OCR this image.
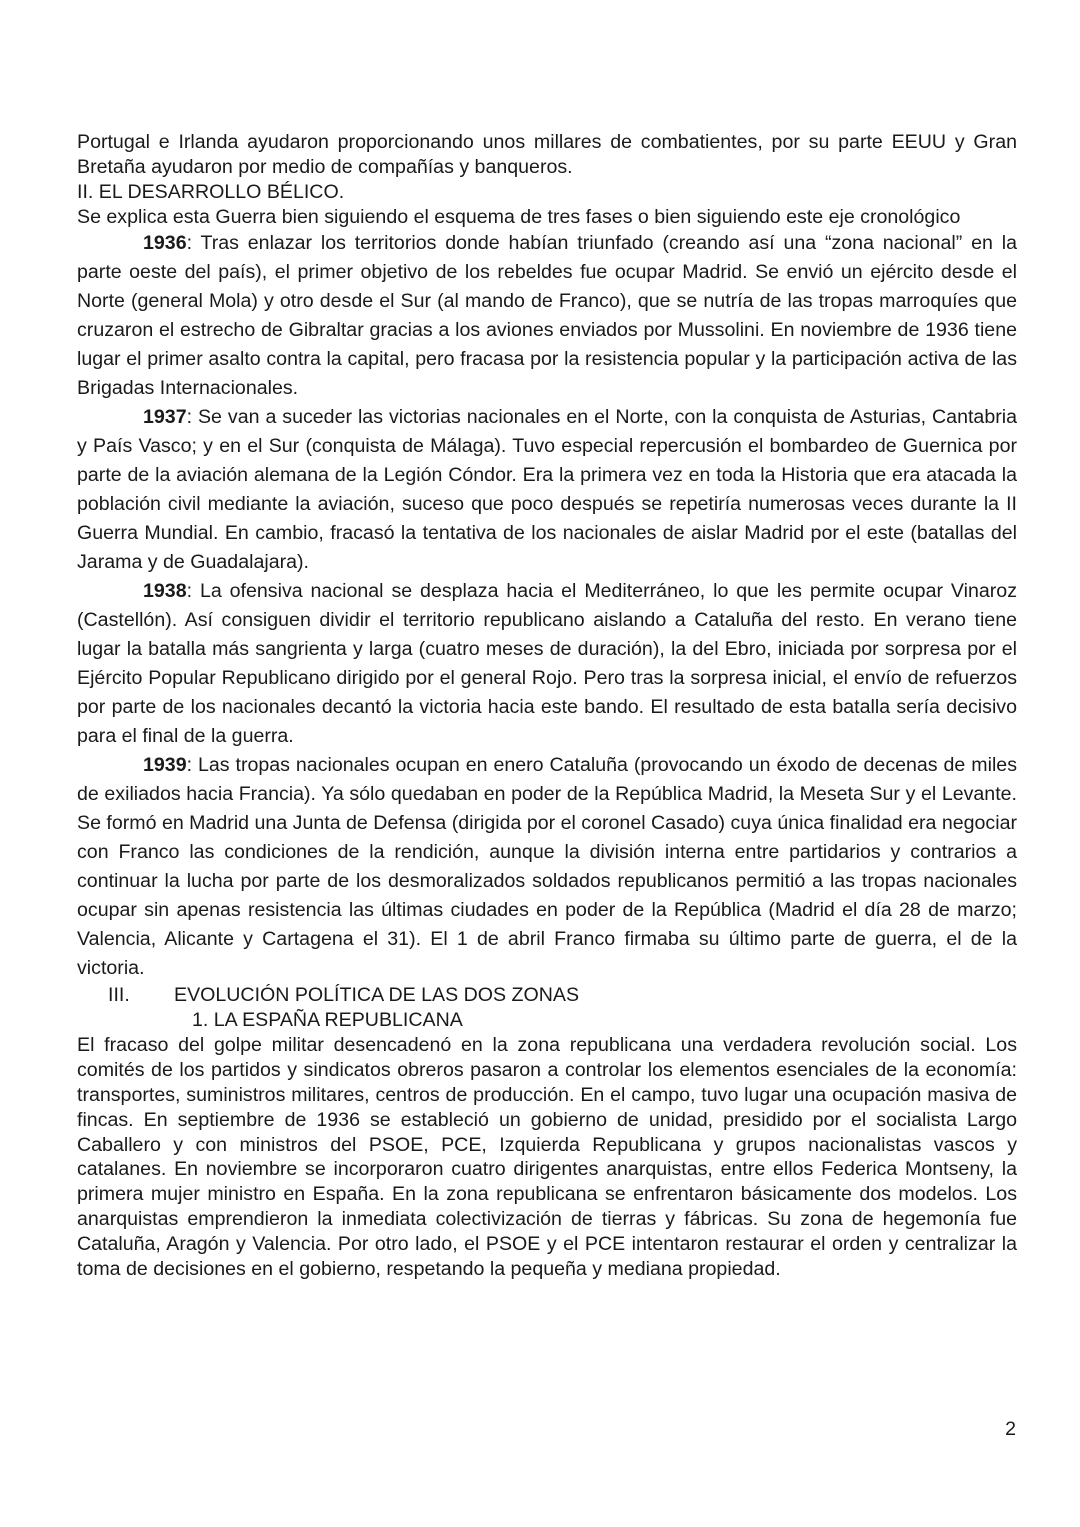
Portugal e Irlanda ayudaron proporcionando unos millares de combatientes, por su parte EEUU y Gran Bretaña ayudaron por medio de compañías y banqueros.

II. EL DESARROLLO BÉLICO.

Se explica esta Guerra bien siguiendo el esquema de tres fases o bien siguiendo este eje cronológico

1936: Tras enlazar los territorios donde habían triunfado (creando así una “zona nacional” en la parte oeste del país), el primer objetivo de los rebeldes fue ocupar Madrid. Se envió un ejército desde el Norte (general Mola) y otro desde el Sur (al mando de Franco), que se nutría de las tropas marroquíes que cruzaron el estrecho de Gibraltar gracias a los aviones enviados por Mussolini. En noviembre de 1936 tiene lugar el primer asalto contra la capital, pero fracasa por la resistencia popular y la participación activa de las Brigadas Internacionales.

1937: Se van a suceder las victorias nacionales en el Norte, con la conquista de Asturias, Cantabria y País Vasco; y en el Sur (conquista de Málaga). Tuvo especial repercusión el bombardeo de Guernica por parte de la aviación alemana de la Legión Cóndor. Era la primera vez en toda la Historia que era atacada la población civil mediante la aviación, suceso que poco después se repetiría numerosas veces durante la II Guerra Mundial. En cambio, fracasó la tentativa de los nacionales de aislar Madrid por el este (batallas del Jarama y de Guadalajara).

1938: La ofensiva nacional se desplaza hacia el Mediterráneo, lo que les permite ocupar Vinaroz (Castellón). Así consiguen dividir el territorio republicano aislando a Cataluña del resto. En verano tiene lugar la batalla más sangrienta y larga (cuatro meses de duración), la del Ebro, iniciada por sorpresa por el Ejército Popular Republicano dirigido por el general Rojo. Pero tras la sorpresa inicial, el envío de refuerzos por parte de los nacionales decantó la victoria hacia este bando. El resultado de esta batalla sería decisivo para el final de la guerra.

1939: Las tropas nacionales ocupan en enero Cataluña (provocando un éxodo de decenas de miles de exiliados hacia Francia). Ya sólo quedaban en poder de la República Madrid, la Meseta Sur y el Levante. Se formó en Madrid una Junta de Defensa (dirigida por el coronel Casado) cuya única finalidad era negociar con Franco las condiciones de la rendición, aunque la división interna entre partidarios y contrarios a continuar la lucha por parte de los desmoralizados soldados republicanos permitió a las tropas nacionales ocupar sin apenas resistencia las últimas ciudades en poder de la República (Madrid el día 28 de marzo; Valencia, Alicante y Cartagena el 31). El 1 de abril Franco firmaba su último parte de guerra, el de la victoria.

III. EVOLUCIÓN POLÍTICA DE LAS DOS ZONAS

1. LA ESPAÑA REPUBLICANA

El fracaso del golpe militar desencadenó en la zona republicana una verdadera revolución social. Los comités de los partidos y sindicatos obreros pasaron a controlar los elementos esenciales de la economía: transportes, suministros militares, centros de producción. En el campo, tuvo lugar una ocupación masiva de fincas. En septiembre de 1936 se estableció un gobierno de unidad, presidido por el socialista Largo Caballero y con ministros del PSOE, PCE, Izquierda Republicana y grupos nacionalistas vascos y catalanes. En noviembre se incorporaron cuatro dirigentes anarquistas, entre ellos Federica Montseny, la primera mujer ministro en España. En la zona republicana se enfrentaron básicamente dos modelos. Los anarquistas emprendieron la inmediata colectivización de tierras y fábricas. Su zona de hegemonía fue Cataluña, Aragón y Valencia. Por otro lado, el PSOE y el PCE intentaron restaurar el orden y centralizar la toma de decisiones en el gobierno, respetando la pequeña y mediana propiedad.

2
